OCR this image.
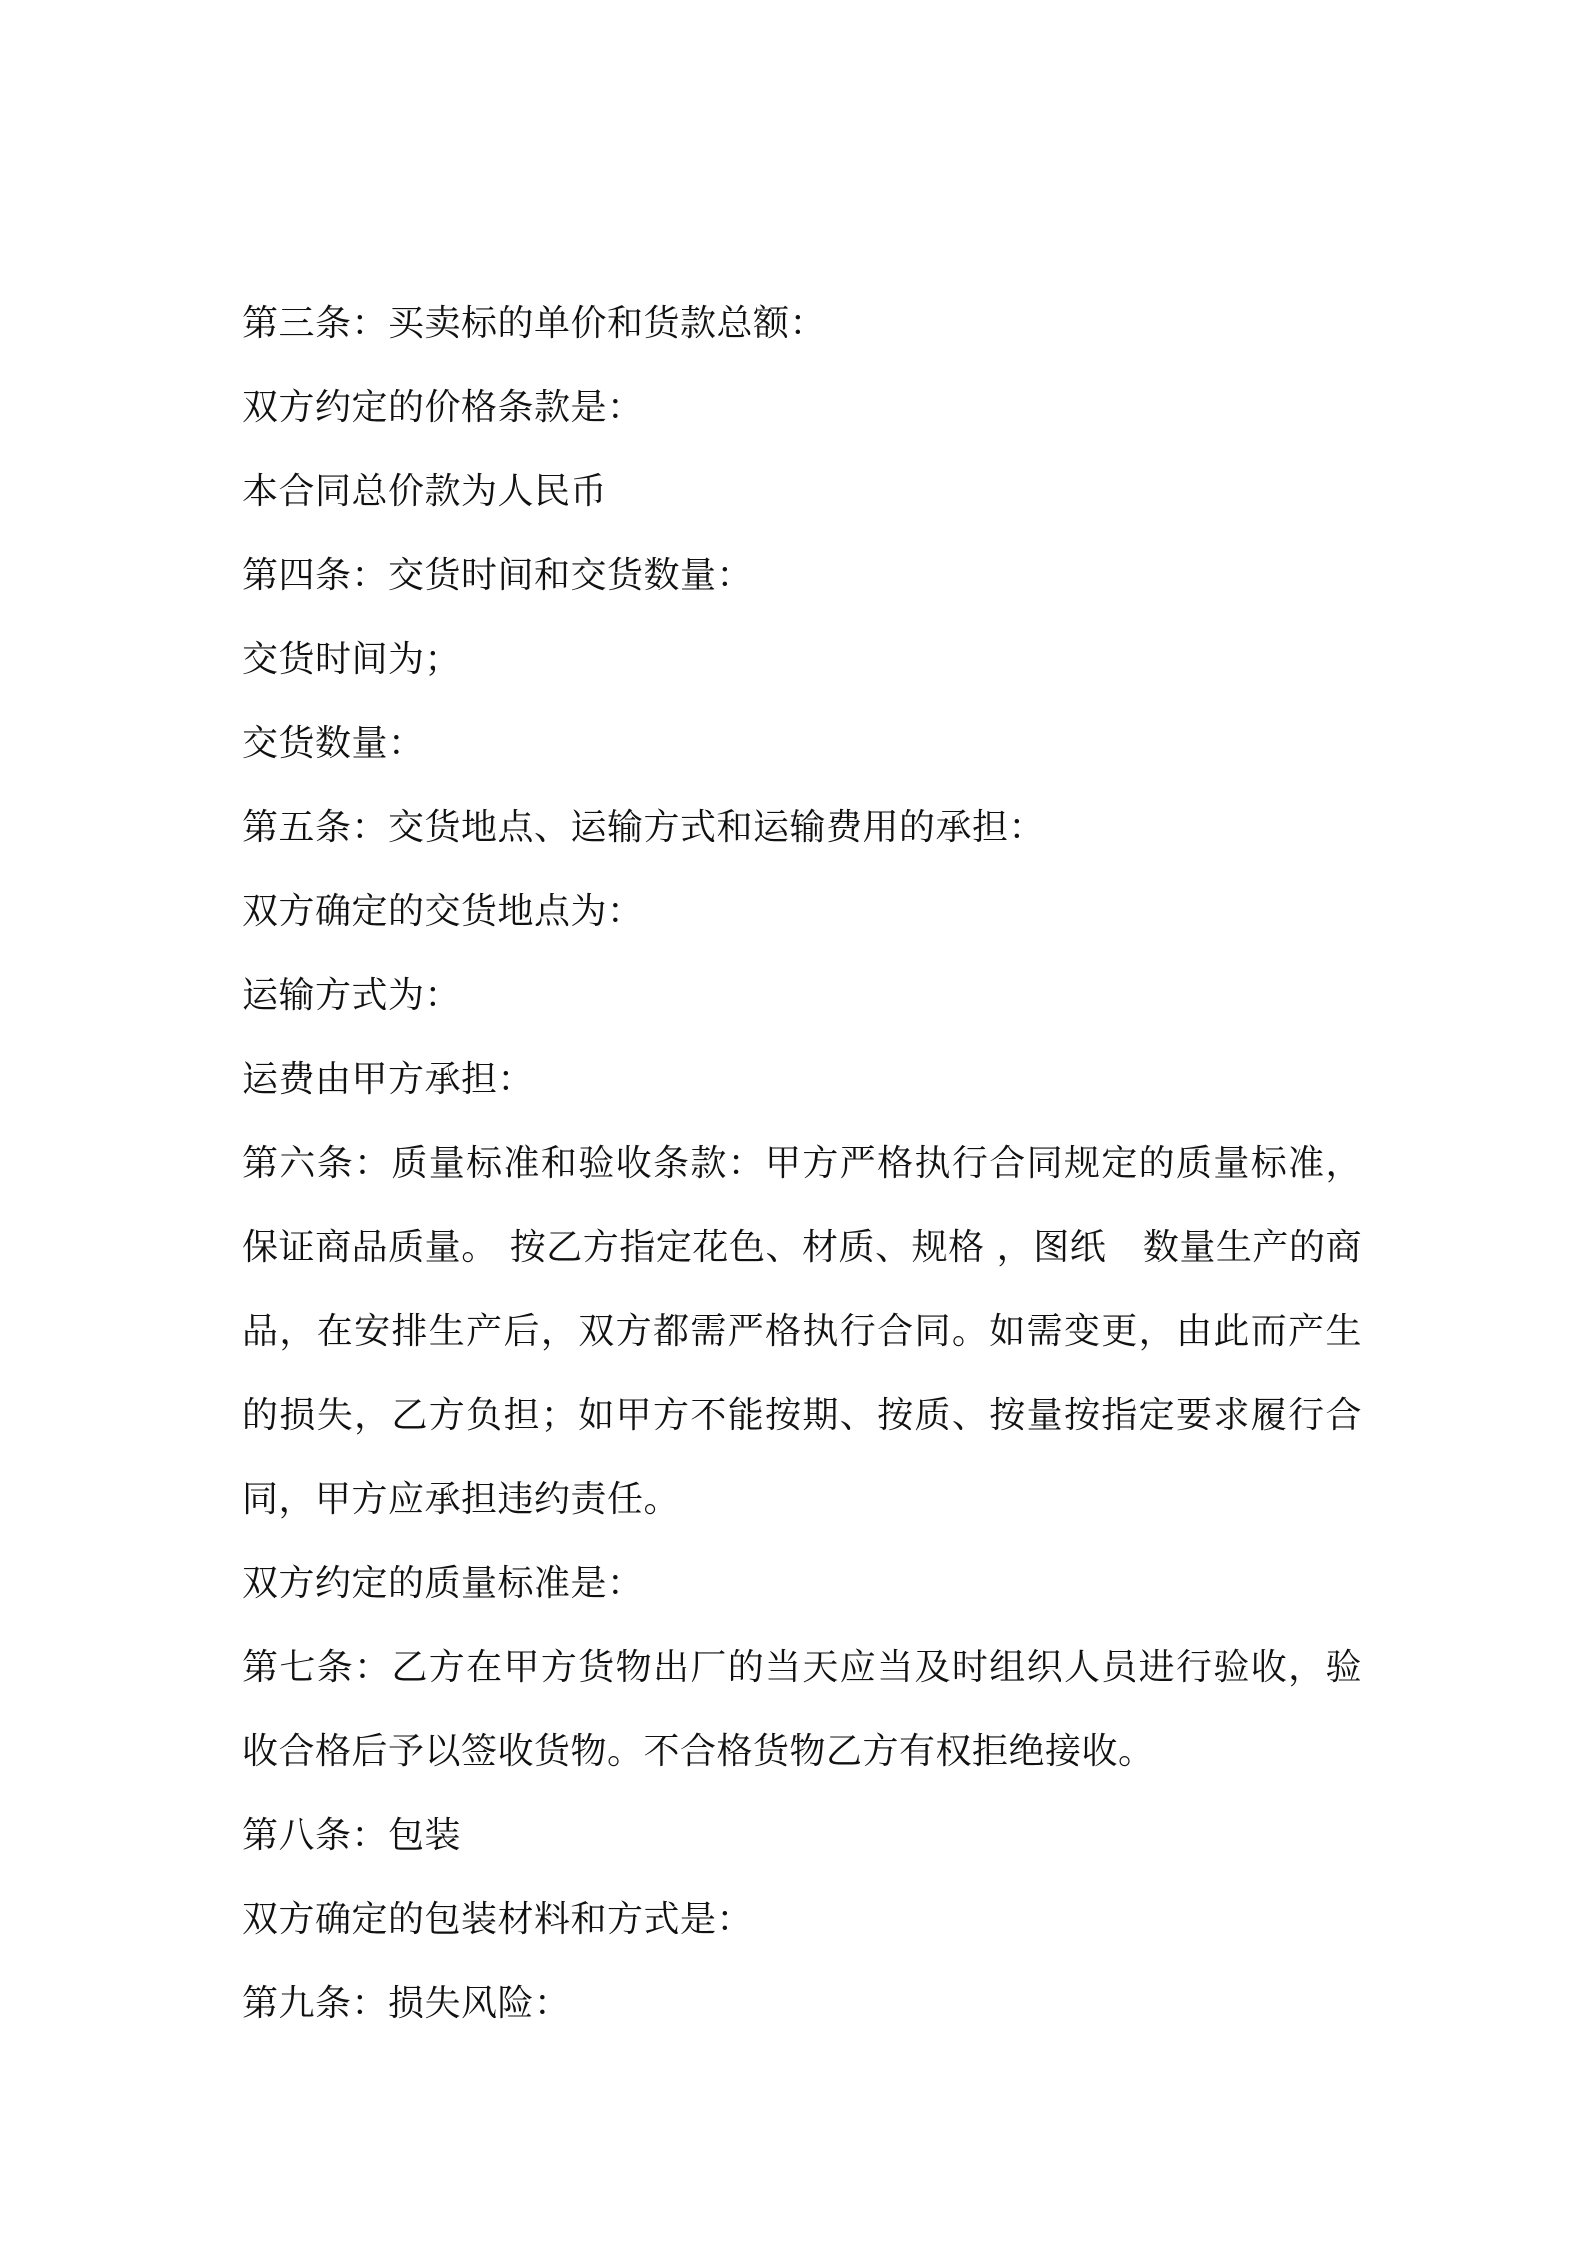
第三条：买卖标的单价和货款总额：

双方约定的价格条款是：

本合同总价款为人民币

第四条：交货时间和交货数量：

交货时间为；

交货数量：

第五条：交货地点、运输方式和运输费用的承担：

双方确定的交货地点为：

运输方式为：

运费由甲方承担：

第六条：质量标准和验收条款：甲方严格执行合同规定的质量标准，保证商品质量。 按乙方指定花色、材质、规格 ，图纸　数量生产的商品，在安排生产后，双方都需严格执行合同。如需变更，由此而产生的损失，乙方负担；如甲方不能按期、按质、按量按指定要求履行合同，甲方应承担违约责任。

双方约定的质量标准是：

第七条：乙方在甲方货物出厂的当天应当及时组织人员进行验收，验收合格后予以签收货物。不合格货物乙方有权拒绝接收。

第八条：包装

双方确定的包装材料和方式是：

第九条：损失风险：
